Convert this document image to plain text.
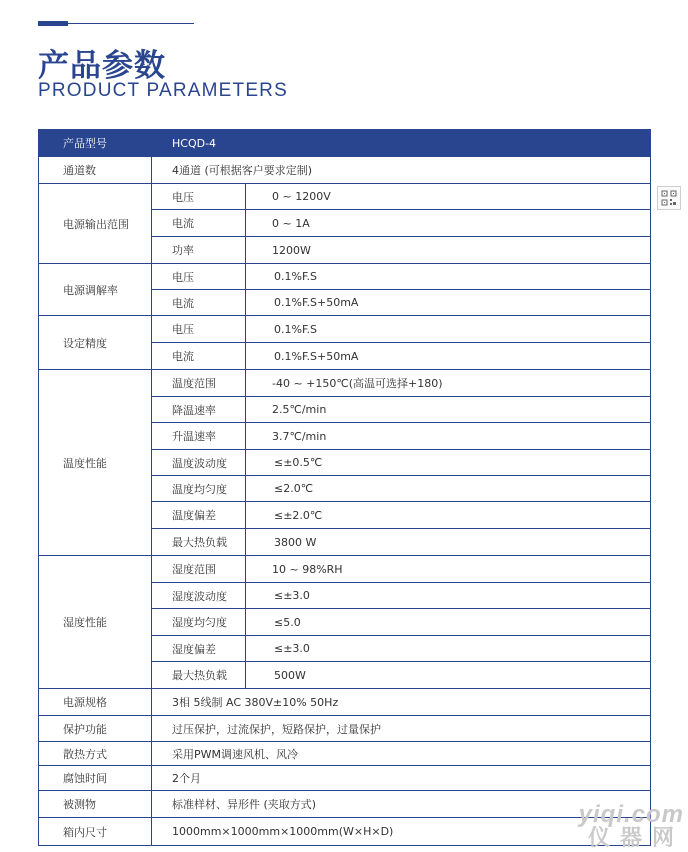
产品参数
PRODUCT PARAMETERS
产品型号	HCQD-4	
通道数	4通道 (可根据客户要求定制)	
电源输出范围	电压	0 ~ 1200V
	电流	0 ~ 1A
	功率	1200W
电源调解率	电压	0.1%F.S
	电流	0.1%F.S+50mA
设定精度	电压	0.1%F.S
	电流	0.1%F.S+50mA
温度性能	温度范围	-40 ~ +150℃(高温可选择+180)
	降温速率	2.5℃/min
	升温速率	3.7℃/min
	温度波动度	≤±0.5℃
	温度均匀度	≤2.0℃
	温度偏差	≤±2.0℃
	最大热负载	3800 W
湿度性能	湿度范围	10 ~ 98%RH
	湿度波动度	≤±3.0
	湿度均匀度	≤5.0
	湿度偏差	≤±3.0
	最大热负载	500W
电源规格	3相 5线制 AC 380V±10% 50Hz	
保护功能	过压保护，过流保护，短路保护，过量保护	
散热方式	采用PWM调速风机、风冷	
腐蚀时间	2个月	
被测物	标准样材、异形件 (夹取方式)	
箱内尺寸	1000mm×1000mm×1000mm(W×H×D)	
yiqi.com
仪器网
